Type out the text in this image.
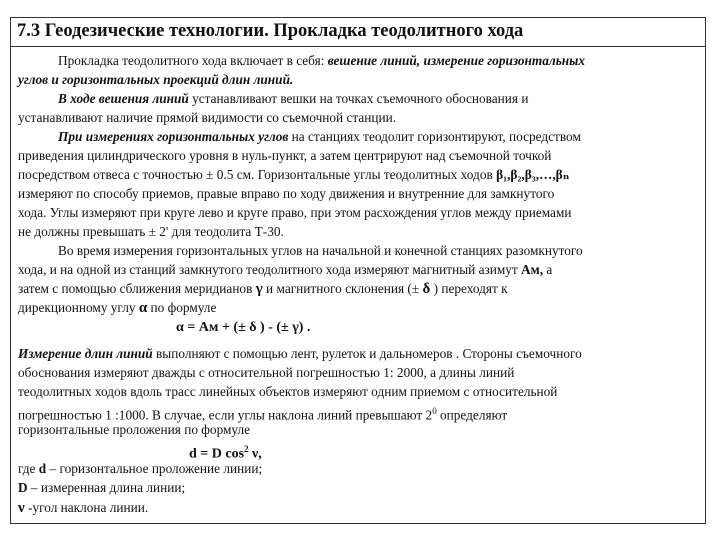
7.3 Геодезические технологии. Прокладка теодолитного хода
Прокладка теодолитного хода включает в себя: вешение линий, измерение горизонтальных
углов и горизонтальных проекций длин линий.
В ходе вешения линий устанавливают вешки на точках съемочного обоснования и
устанавливают наличие прямой видимости со съемочной станции.
При измерениях горизонтальных углов на станциях теодолит горизонтируют, посредством
приведения цилиндрического уровня в нуль-пункт, а затем центрируют над съемочной точкой
посредством отвеса с точностью ± 0.5 см. Горизонтальные углы теодолитных ходов β₁,β₂,β₃,…,βₙ
измеряют по способу приемов, правые вправо по ходу движения и внутренние для замкнутого
хода. Углы измеряют при круге лево и круге право, при этом расхождения углов между приемами
не должны превышать ± 2' для теодолита Т-30.
Во время измерения горизонтальных углов на начальной и конечной станциях разомкнутого
хода, и на одной из станций замкнутого теодолитного хода измеряют магнитный азимут Ам, а
затем с помощью сближения меридианов γ и магнитного склонения (± δ ) переходят к
дирекционному углу α по формуле
α = Ам + (± δ ) - (± γ) .
Измерение длин линий выполняют с помощью лент, рулеток и дальномеров . Стороны съемочного
обоснования измеряют дважды с относительной погрешностью 1: 2000, а длины линий
теодолитных ходов вдоль трасс линейных объектов измеряют одним приемом с относительной
погрешностью 1 :1000. В случае, если углы наклона линий превышают $2^0$ определяют
горизонтальные проложения по формуле
d = D $\cos^2 \nu$,
где d – горизонтальное проложение линии;
D – измеренная длина линии;
ν -угол наклона линии.
